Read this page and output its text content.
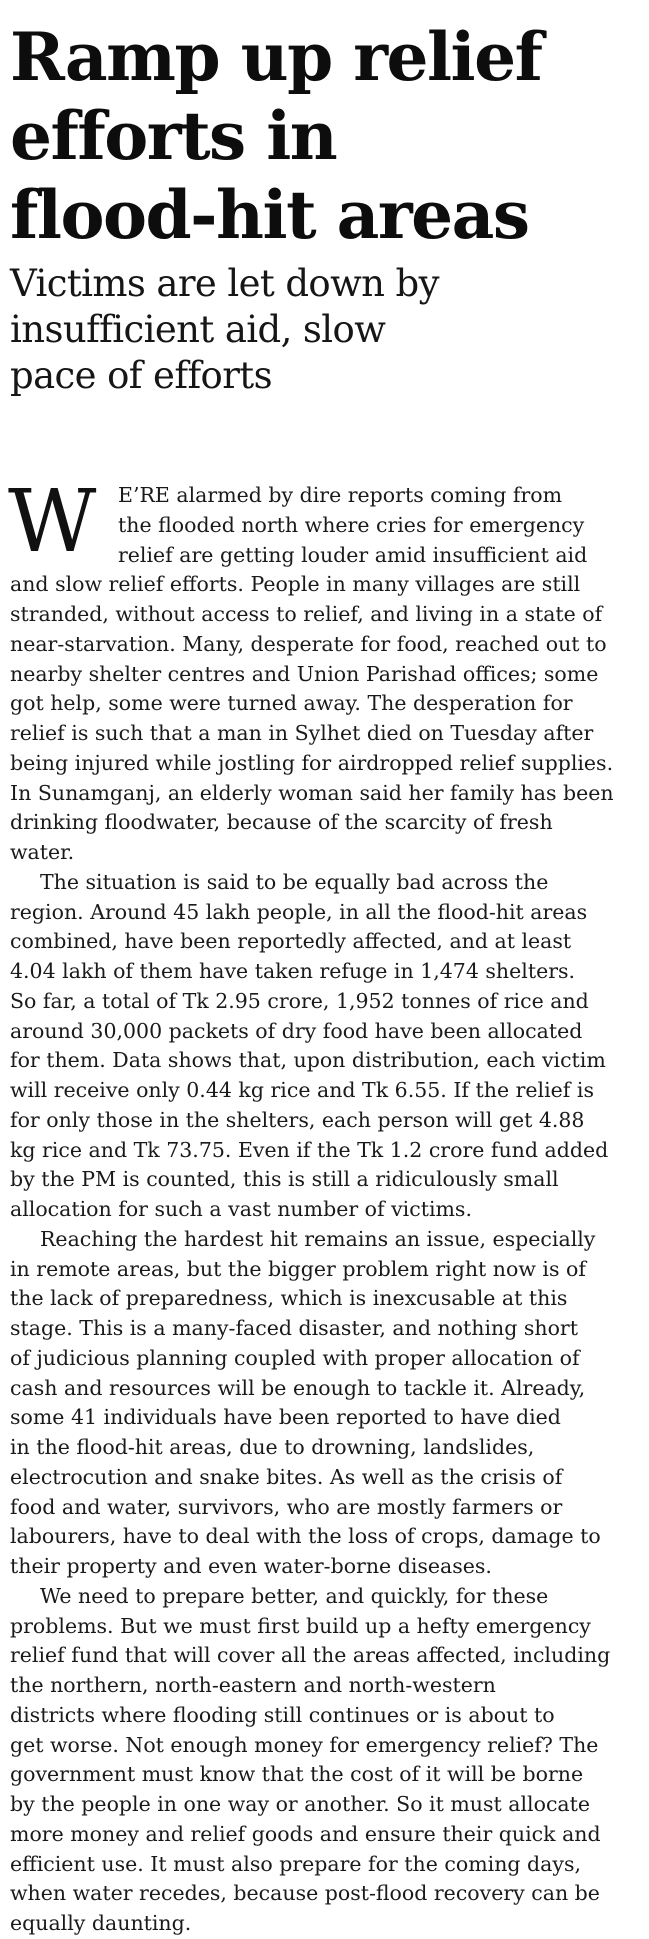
Ramp up relief
efforts in
flood-hit areas
Victims are let down by
insufficient aid, slow
pace of efforts

W	E’RE alarmed by dire reports coming from
the flooded north where cries for emergency
relief are getting louder amid insufficient aid
and slow relief efforts. People in many villages are still
stranded, without access to relief, and living in a state of
near-starvation. Many, desperate for food, reached out to
nearby shelter centres and Union Parishad offices; some
got help, some were turned away. The desperation for
relief is such that a man in Sylhet died on Tuesday after
being injured while jostling for airdropped relief supplies.
In Sunamganj, an elderly woman said her family has been
drinking floodwater, because of the scarcity of fresh
water.

The situation is said to be equally bad across the
region. Around 45 lakh people, in all the flood-hit areas
combined, have been reportedly affected, and at least
4.04 lakh of them have taken refuge in 1,474 shelters.
So far, a total of Tk 2.95 crore, 1,952 tonnes of rice and
around 30,000 packets of dry food have been allocated
for them. Data shows that, upon distribution, each victim
will receive only 0.44 kg rice and Tk 6.55. If the relief is
for only those in the shelters, each person will get 4.88
kg rice and Tk 73.75. Even if the Tk 1.2 crore fund added
by the PM is counted, this is still a ridiculously small
allocation for such a vast number of victims.

Reaching the hardest hit remains an issue, especially
in remote areas, but the bigger problem right now is of
the lack of preparedness, which is inexcusable at this
stage. This is a many-faced disaster, and nothing short
of judicious planning coupled with proper allocation of
cash and resources will be enough to tackle it. Already,
some 41 individuals have been reported to have died
in the flood-hit areas, due to drowning, landslides,
electrocution and snake bites. As well as the crisis of
food and water, survivors, who are mostly farmers or
labourers, have to deal with the loss of crops, damage to
their property and even water-borne diseases.

We need to prepare better, and quickly, for these
problems. But we must first build up a hefty emergency
relief fund that will cover all the areas affected, including
the northern, north-eastern and north-western
districts where flooding still continues or is about to
get worse. Not enough money for emergency relief? The
government must know that the cost of it will be borne
by the people in one way or another. So it must allocate
more money and relief goods and ensure their quick and
efficient use. It must also prepare for the coming days,
when water recedes, because post-flood recovery can be
equally daunting.
